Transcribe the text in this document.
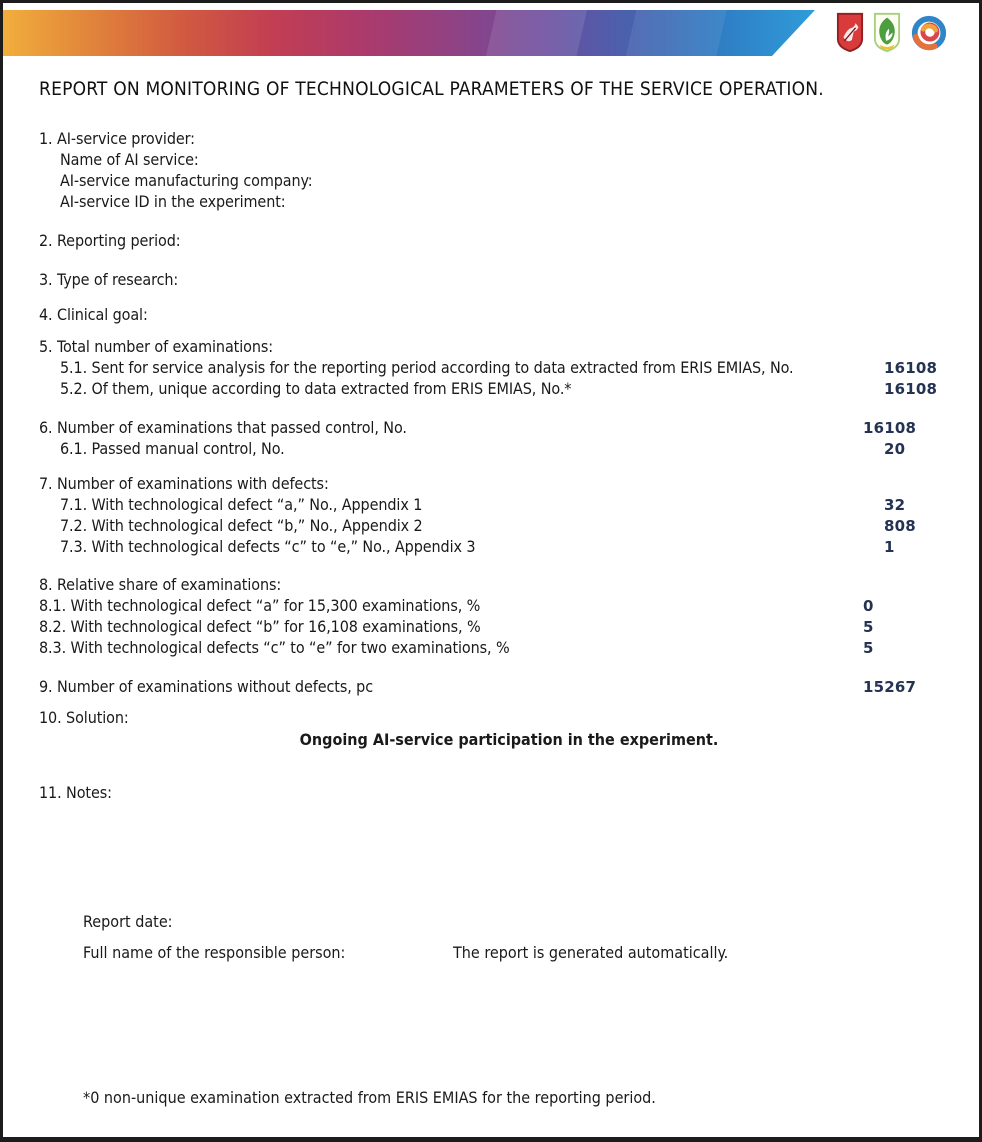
REPORT ON MONITORING OF TECHNOLOGICAL PARAMETERS OF THE SERVICE OPERATION.
1. AI-service provider:
Name of AI service:
AI-service manufacturing company:
AI-service ID in the experiment:
2. Reporting period:
3. Type of research:
4. Clinical goal:
5. Total number of examinations:
5.1. Sent for service analysis for the reporting period according to data extracted from ERIS EMIAS, No.	16108
5.2. Of them, unique according to data extracted from ERIS EMIAS, No.*	16108
6. Number of examinations that passed control, No.	16108
6.1. Passed manual control, No.	20
7. Number of examinations with defects:
7.1. With technological defect “a,” No., Appendix 1	32
7.2. With technological defect “b,” No., Appendix 2	808
7.3. With technological defects “c” to “e,” No., Appendix 3	1
8. Relative share of examinations:
8.1. With technological defect “a” for 15,300 examinations, %	0
8.2. With technological defect “b” for 16,108 examinations, %	5
8.3. With technological defects “c” to “e” for two examinations, %	5
9. Number of examinations without defects, pc	15267
10. Solution:
Ongoing AI-service participation in the experiment.
11. Notes:
Report date:
Full name of the responsible person:	The report is generated automatically.
*0 non-unique examination extracted from ERIS EMIAS for the reporting period.
